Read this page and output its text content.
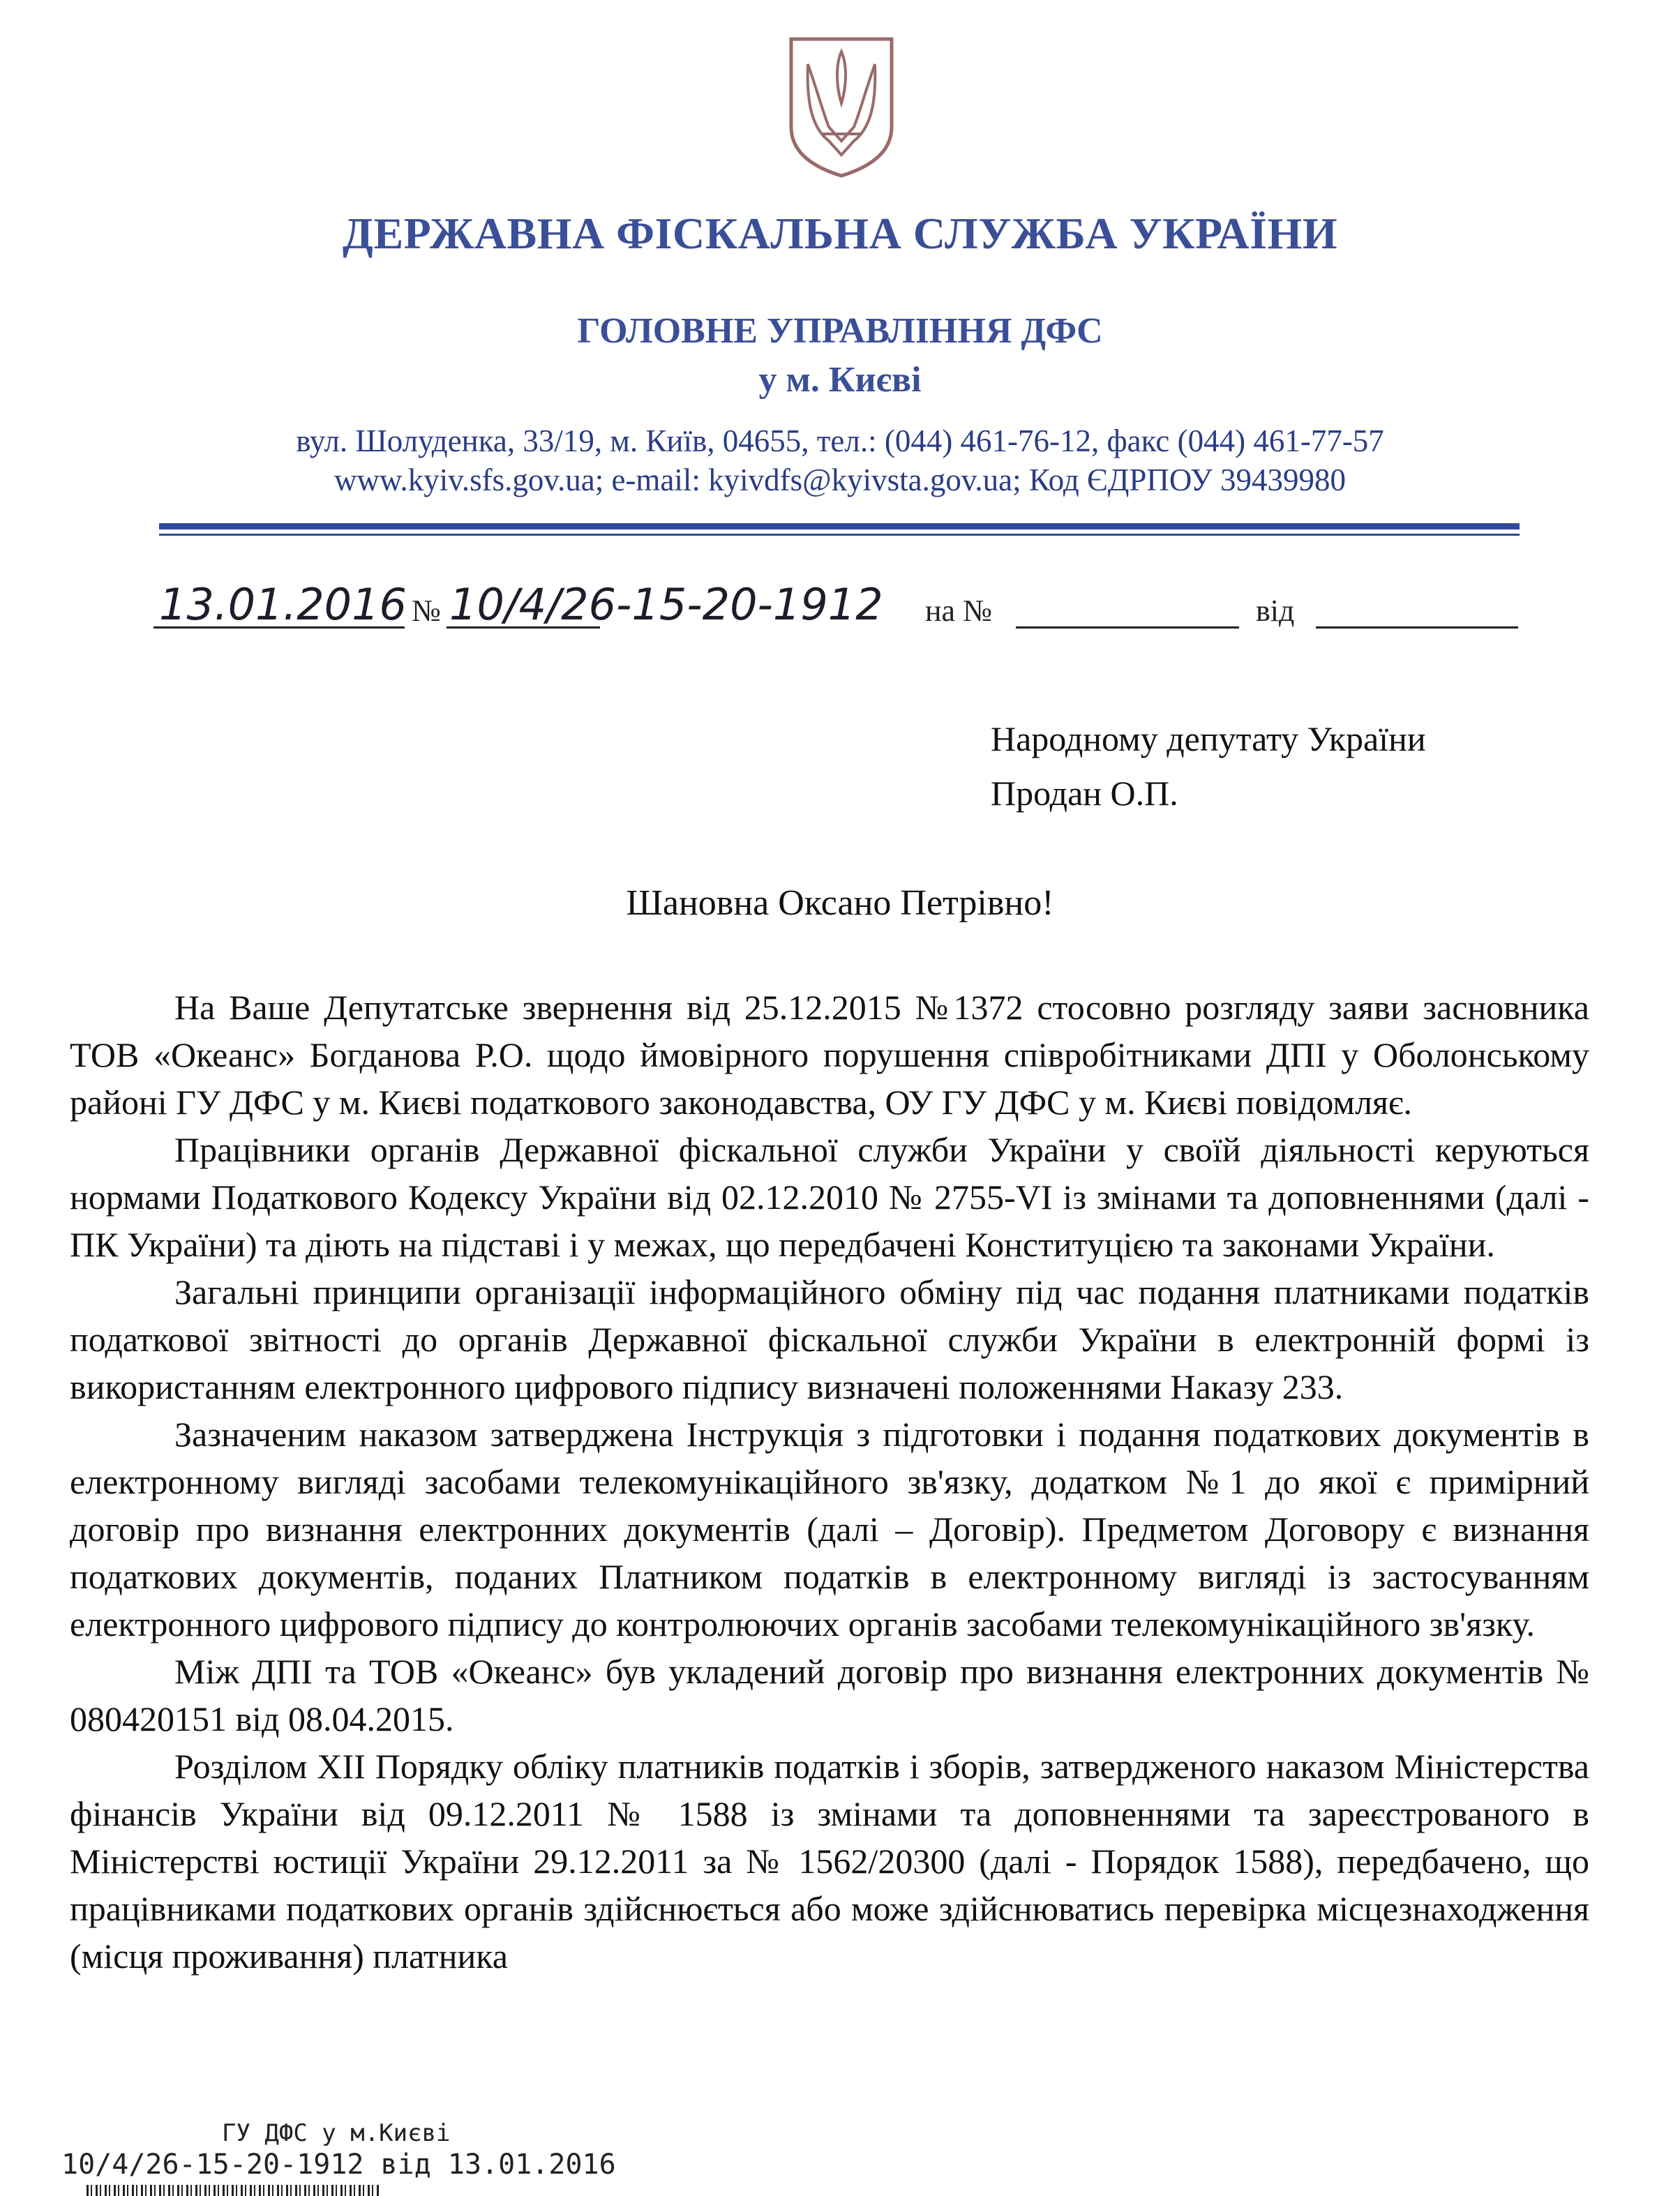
ДЕРЖАВНА ФІСКАЛЬНА СЛУЖБА УКРАЇНИ
ГОЛОВНЕ УПРАВЛІННЯ ДФС
у м. Києві
вул. Шолуденка, 33/19, м. Київ, 04655, тел.: (044) 461-76-12, факс (044) 461-77-57
www.kyiv.sfs.gov.ua; e-mail: kyivdfs@kyivsta.gov.ua; Код ЄДРПОУ 39439980
13.01.2016 № 10/4/26-15-20-1912 на №	від
Народному депутату України
Продан О.П.
Шановна Оксано Петрівно!

На Ваше Депутатське звернення від 25.12.2015 №1372 стосовно розгляду заяви засновника ТОВ «Океанс» Богданова Р.О. щодо ймовірного порушення співробітниками ДПІ у Оболонському районі ГУ ДФС у м. Києві податкового законодавства, ОУ ГУ ДФС у м. Києві повідомляє.

Працівники органів Державної фіскальної служби України у своїй діяльності керуються нормами Податкового Кодексу України від 02.12.2010 № 2755-VI із змінами та доповненнями (далі - ПК України) та діють на підставі і у межах, що передбачені Конституцією та законами України.

Загальні принципи організації інформаційного обміну під час подання платниками податків податкової звітності до органів Державної фіскальної служби України в електронній формі із використанням електронного цифрового підпису визначені положеннями Наказу 233.

Зазначеним наказом затверджена Інструкція з підготовки і подання податкових документів в електронному вигляді засобами телекомунікаційного зв'язку, додатком №1 до якої є примірний договір про визнання електронних документів (далі – Договір). Предметом Договору є визнання податкових документів, поданих Платником податків в електронному вигляді із застосуванням електронного цифрового підпису до контролюючих органів засобами телекомунікаційного зв'язку.

Між ДПІ та ТОВ «Океанс» був укладений договір про визнання електронних документів № 080420151 від 08.04.2015.

Розділом XII Порядку обліку платників податків і зборів, затвердженого наказом Міністерства фінансів України від 09.12.2011 № 1588 із змінами та доповненнями та зареєстрованого в Міністерстві юстиції України 29.12.2011 за № 1562/20300 (далі - Порядок 1588), передбачено, що працівниками податкових органів здійснюється або може здійснюватись перевірка місцезнаходження (місця проживання) платника

ГУ ДФС у м.Києві
10/4/26-15-20-1912 від 13.01.2016
